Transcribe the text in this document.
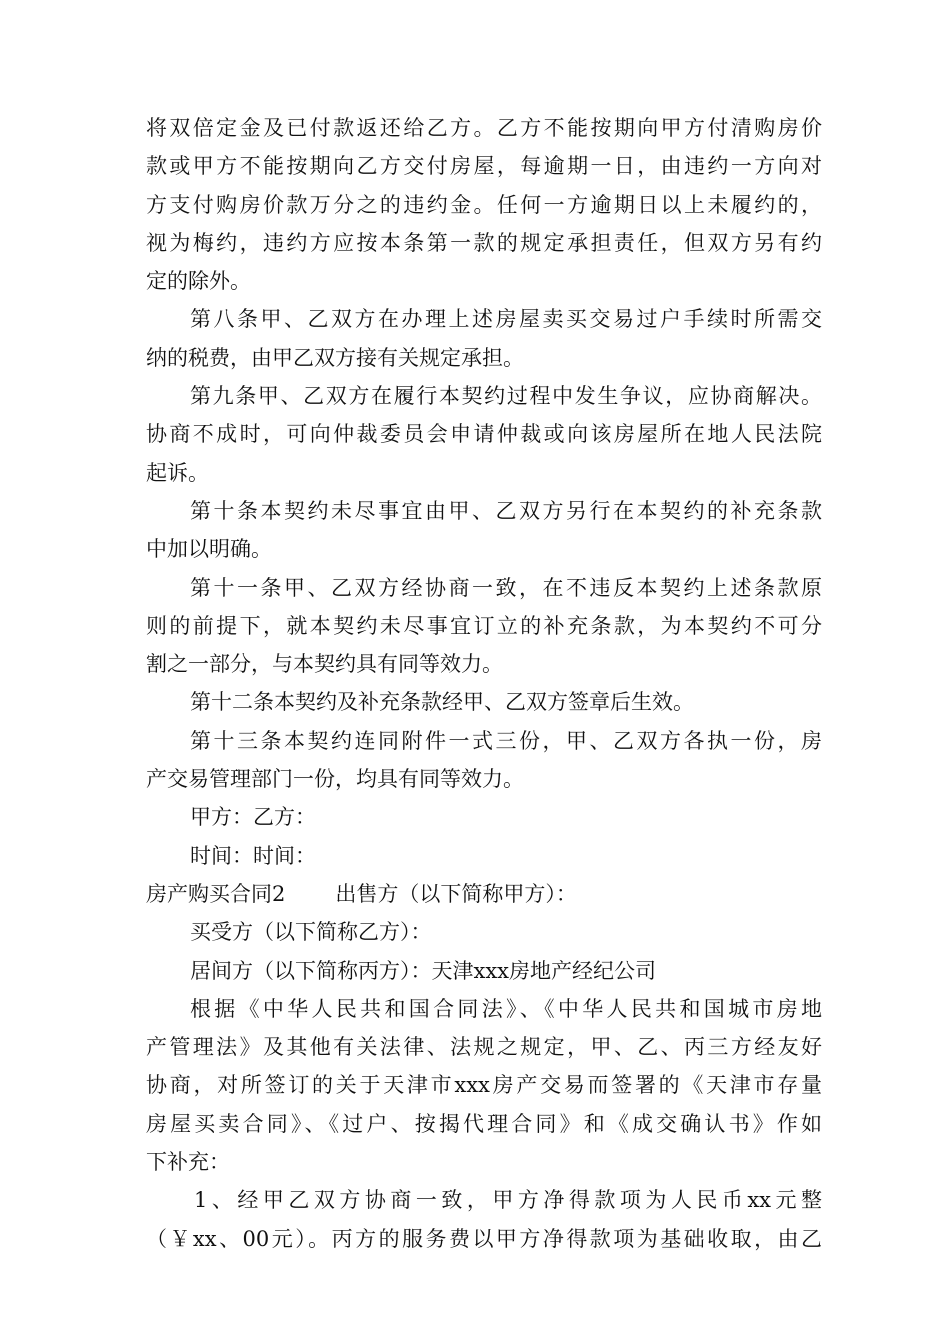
将双倍定金及已付款返还给乙方。乙方不能按期向甲方付清购房价
款或甲方不能按期向乙方交付房屋，每逾期一日，由违约一方向对
方支付购房价款万分之的违约金。任何一方逾期日以上未履约的，
视为梅约，违约方应按本条第一款的规定承担责任，但双方另有约
定的除外。
第八条甲、乙双方在办理上述房屋卖买交易过户手续时所需交
纳的税费，由甲乙双方接有关规定承担。
第九条甲、乙双方在履行本契约过程中发生争议，应协商解决。
协商不成时，可向仲裁委员会申请仲裁或向该房屋所在地人民法院
起诉。
第十条本契约未尽事宜由甲、乙双方另行在本契约的补充条款
中加以明确。
第十一条甲、乙双方经协商一致，在不违反本契约上述条款原
则的前提下，就本契约未尽事宜订立的补充条款，为本契约不可分
割之一部分，与本契约具有同等效力。
第十二条本契约及补充条款经甲、乙双方签章后生效。
第十三条本契约连同附件一式三份，甲、乙双方各执一份，房
产交易管理部门一份，均具有同等效力。
甲方：乙方：
时间：时间：
房产购买合同2 出售方（以下简称甲方）：
买受方（以下简称乙方）：
居间方（以下简称丙方）：天津xxx房地产经纪公司
根据《中华人民共和国合同法》、《中华人民共和国城市房地
产管理法》及其他有关法律、法规之规定，甲、乙、丙三方经友好
协商，对所签订的关于天津市xxx房产交易而签署的《天津市存量
房屋买卖合同》、《过户、按揭代理合同》和《成交确认书》作如
下补充：
1、经甲乙双方协商一致，甲方净得款项为人民币xx元整
（￥xx、00元）。丙方的服务费以甲方净得款项为基础收取，由乙
